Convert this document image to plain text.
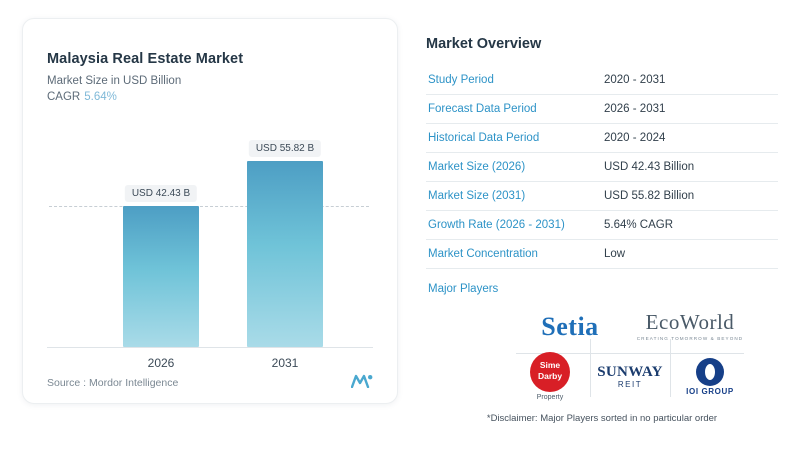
Malaysia Real Estate Market
Market Size in USD Billion
CAGR 5.64%
USD 42.43 B
USD 55.82 B
2026	2031
Source : Mordor Intelligence
Market Overview
Study Period	2020 - 2031
Forecast Data Period	2026 - 2031
Historical Data Period	2020 - 2024
Market Size (2026)	USD 42.43 Billion
Market Size (2031)	USD 55.82 Billion
Growth Rate (2026 - 2031)	5.64% CAGR
Market Concentration	Low
Major Players
Setia	EcoWorld
CREATING TOMORROW & BEYOND
Sime Darby
Property
SUNWAY
REIT
IOI GROUP
*Disclaimer: Major Players sorted in no particular order
